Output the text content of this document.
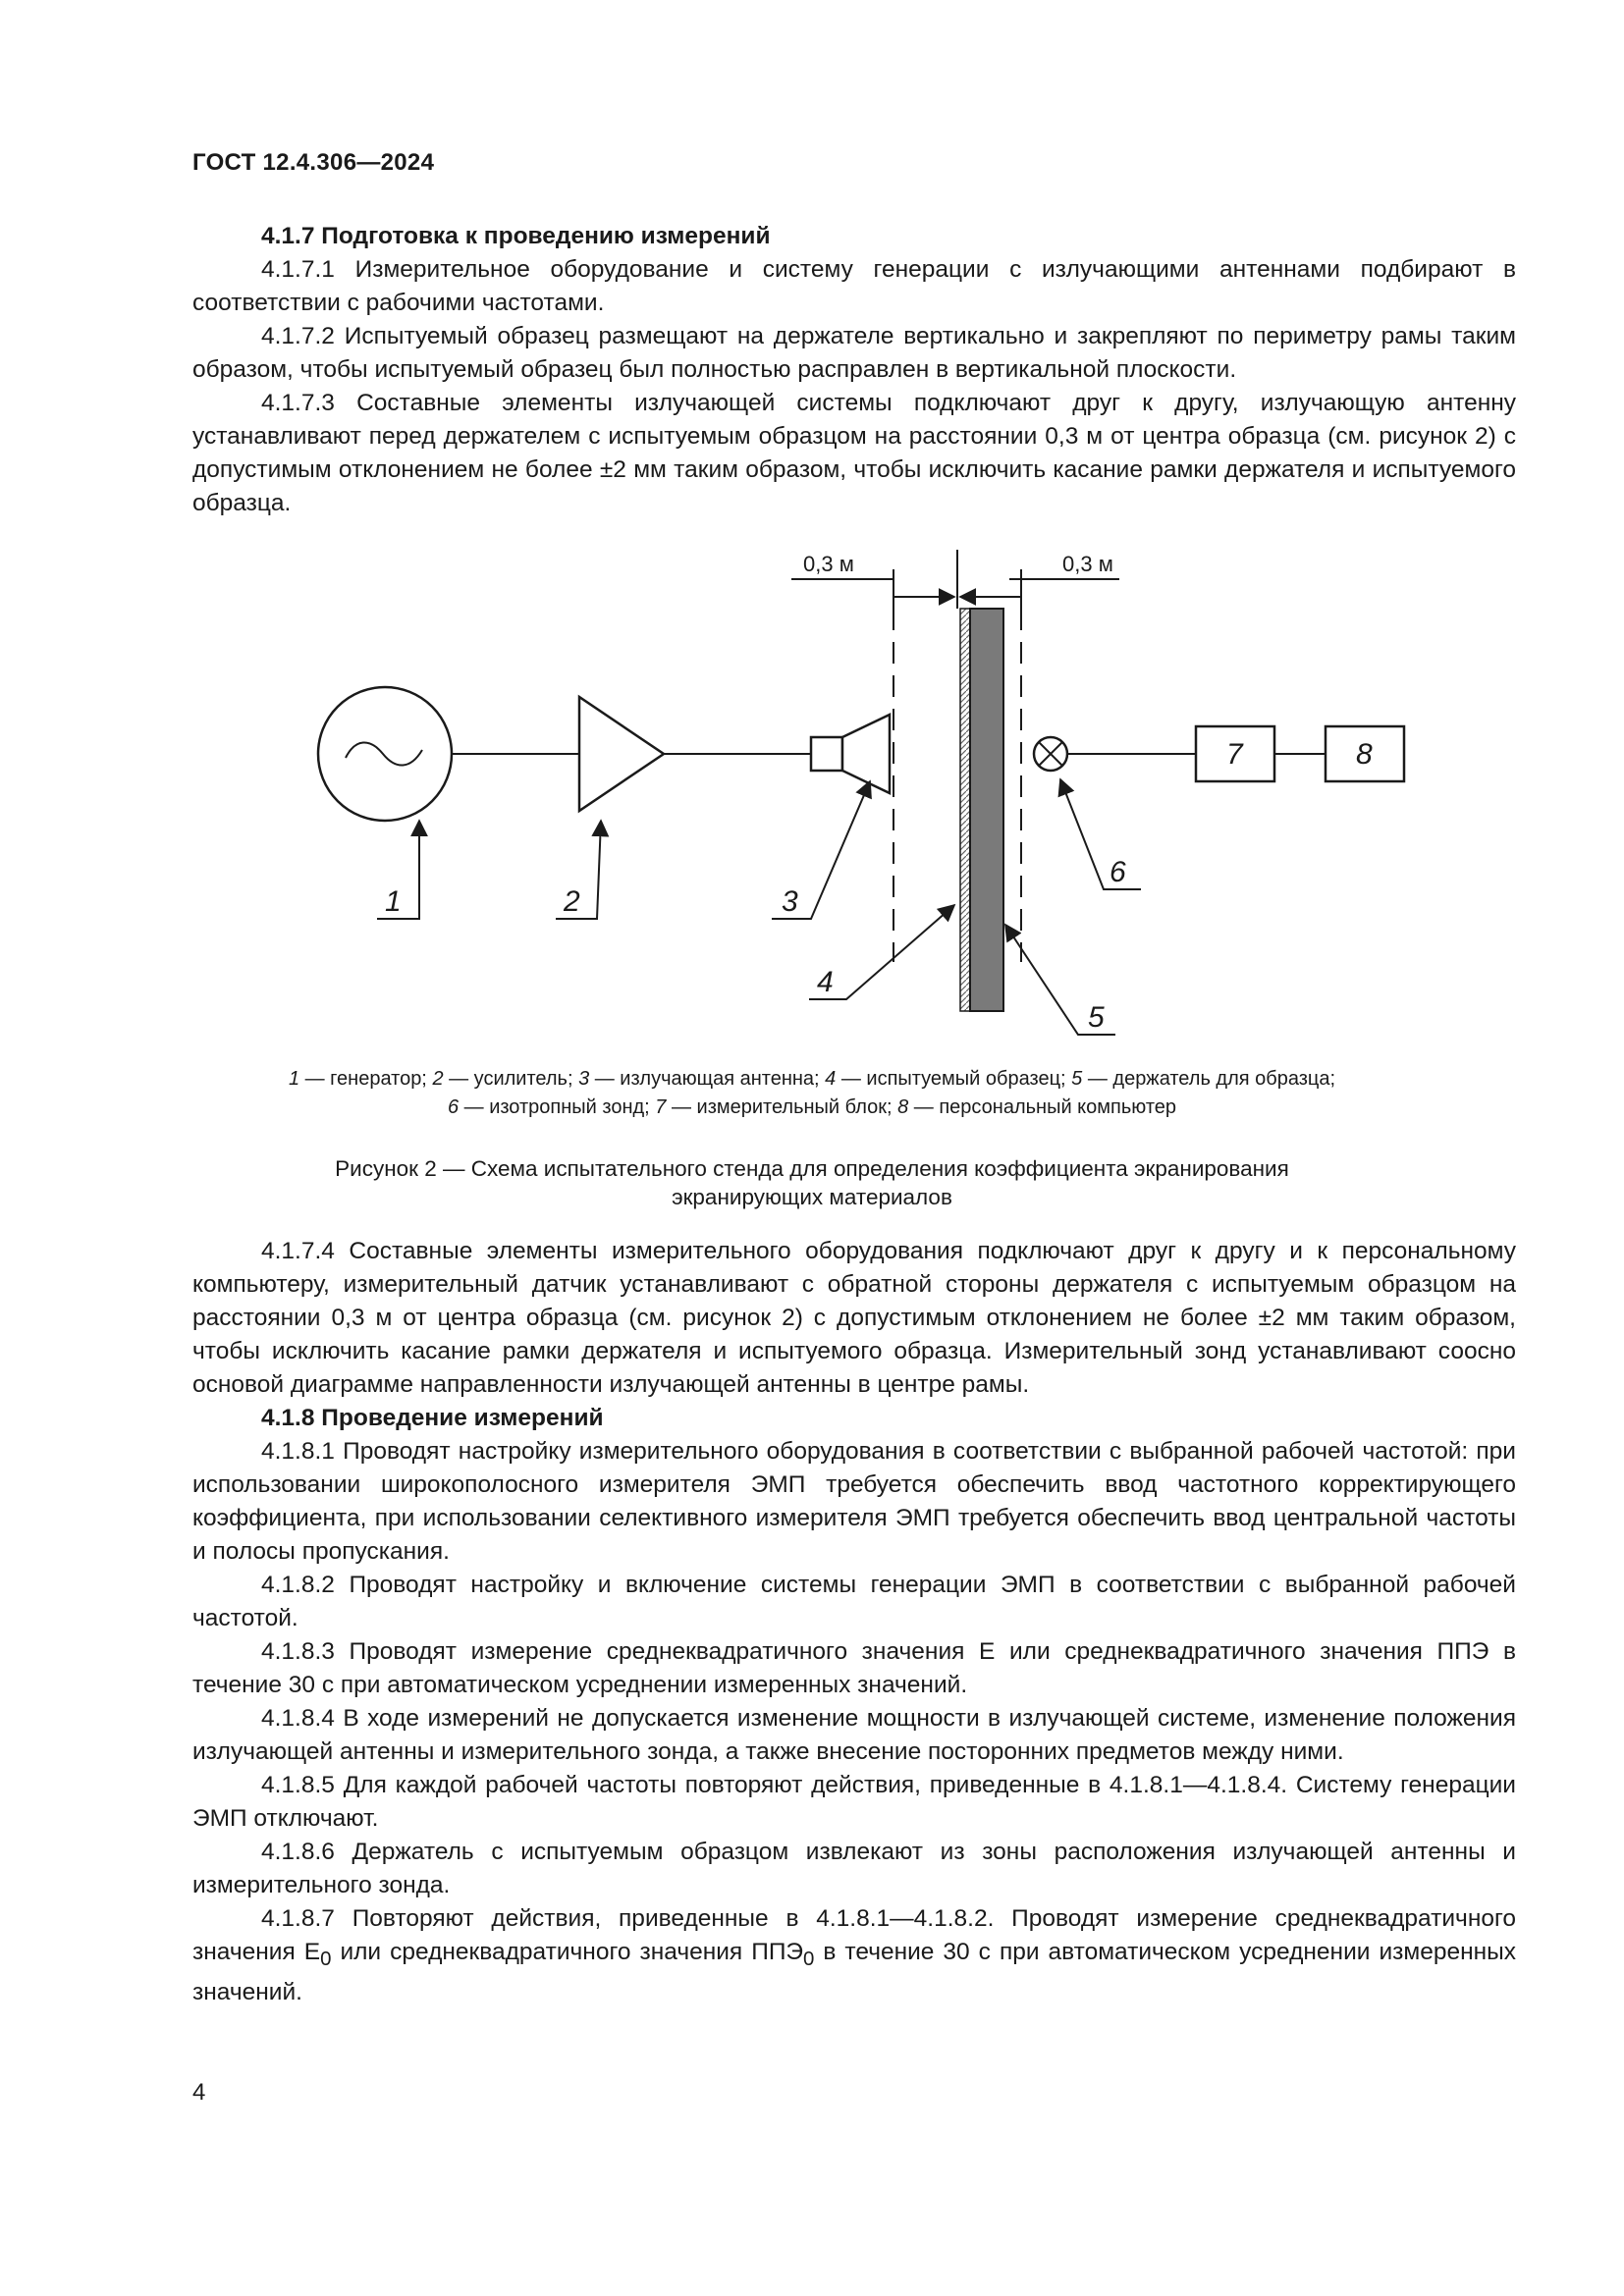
ГОСТ 12.4.306—2024

4.1.7 Подготовка к проведению измерений

4.1.7.1 Измерительное оборудование и систему генерации с излучающими антеннами подбирают в соответствии с рабочими частотами.

4.1.7.2 Испытуемый образец размещают на держателе вертикально и закрепляют по периметру рамы таким образом, чтобы испытуемый образец был полностью расправлен в вертикальной плоскости.

4.1.7.3 Составные элементы излучающей системы подключают друг к другу, излучающую антенну устанавливают перед держателем с испытуемым образцом на расстоянии 0,3 м от центра образца (см. рисунок 2) с допустимым отклонением не более ±2 мм таким образом, чтобы исключить касание рамки держателя и испытуемого образца.

0,3 м	0,3 м
7	8
1	2	3
4
5
6
1 — генератор; 2 — усилитель; 3 — излучающая антенна; 4 — испытуемый образец; 5 — держатель для образца;
6 — изотропный зонд; 7 — измерительный блок; 8 — персональный компьютер
Рисунок 2 — Схема испытательного стенда для определения коэффициента экранирования
экранирующих материалов

4.1.7.4 Составные элементы измерительного оборудования подключают друг к другу и к персональному компьютеру, измерительный датчик устанавливают с обратной стороны держателя с испытуемым образцом на расстоянии 0,3 м от центра образца (см. рисунок 2) с допустимым отклонением не более ±2 мм таким образом, чтобы исключить касание рамки держателя и испытуемого образца. Измерительный зонд устанавливают соосно основой диаграмме направленности излучающей антенны в центре рамы.

4.1.8 Проведение измерений

4.1.8.1 Проводят настройку измерительного оборудования в соответствии с выбранной рабочей частотой: при использовании широкополосного измерителя ЭМП требуется обеспечить ввод частотного корректирующего коэффициента, при использовании селективного измерителя ЭМП требуется обеспечить ввод центральной частоты и полосы пропускания.

4.1.8.2 Проводят настройку и включение системы генерации ЭМП в соответствии с выбранной рабочей частотой.

4.1.8.3 Проводят измерение среднеквадратичного значения Е или среднеквадратичного значения ППЭ в течение 30 с при автоматическом усреднении измеренных значений.

4.1.8.4 В ходе измерений не допускается изменение мощности в излучающей системе, изменение положения излучающей антенны и измерительного зонда, а также внесение посторонних предметов между ними.

4.1.8.5 Для каждой рабочей частоты повторяют действия, приведенные в 4.1.8.1—4.1.8.4. Систему генерации ЭМП отключают.

4.1.8.6 Держатель с испытуемым образцом извлекают из зоны расположения излучающей антенны и измерительного зонда.

4.1.8.7 Повторяют действия, приведенные в 4.1.8.1—4.1.8.2. Проводят измерение среднеквадратичного значения $Е_0$ или среднеквадратичного значения $ППЭ_0$ в течение 30 с при автоматическом усреднении измеренных значений.

4
